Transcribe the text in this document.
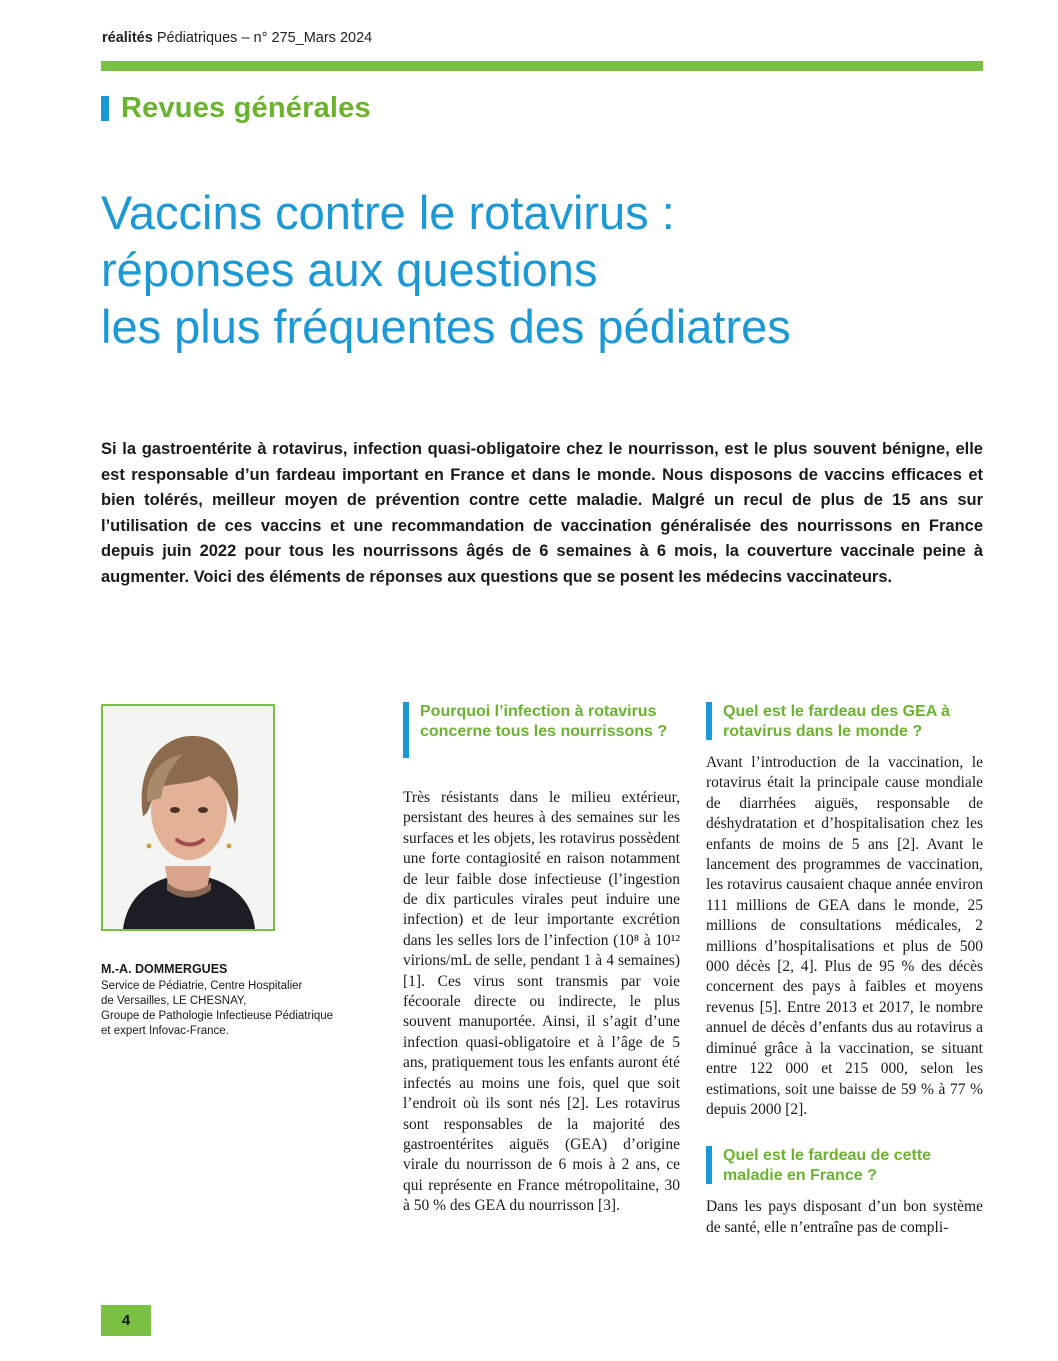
réalités Pédiatriques – n° 275_Mars 2024
Revues générales
Vaccins contre le rotavirus :
réponses aux questions
les plus fréquentes des pédiatres

Si la gastroentérite à rotavirus, infection quasi-obligatoire chez le nourrisson, est le plus souvent bénigne, elle est responsable d’un fardeau important en France et dans le monde. Nous disposons de vaccins efficaces et bien tolérés, meilleur moyen de prévention contre cette maladie. Malgré un recul de plus de 15 ans sur l’utilisation de ces vaccins et une recommandation de vaccination généralisée des nourrissons en France depuis juin 2022 pour tous les nourrissons âgés de 6 semaines à 6 mois, la couverture vaccinale peine à augmenter. Voici des éléments de réponses aux questions que se posent les médecins vaccinateurs.

M.-A. DOMMERGUES
Service de Pédiatrie, Centre Hospitalier
de Versailles, LE CHESNAY,
Groupe de Pathologie Infectieuse Pédiatrique
et expert Infovac-France.
Pourquoi l’infection à rotavirus concerne tous les nourrissons ?

Très résistants dans le milieu extérieur, persistant des heures à des semaines sur les surfaces et les objets, les rotavirus possèdent une forte contagiosité en raison notamment de leur faible dose infectieuse (l’ingestion de dix particules virales peut induire une infection) et de leur importante excrétion dans les selles lors de l’infection (10⁸ à 10¹² virions/mL de selle, pendant 1 à 4 semaines) [1]. Ces virus sont transmis par voie fécoorale directe ou indirecte, le plus souvent manuportée. Ainsi, il s’agit d’une infection quasi-obligatoire et à l’âge de 5 ans, pratiquement tous les enfants auront été infectés au moins une fois, quel que soit l’endroit où ils sont nés [2]. Les rotavirus sont responsables de la majorité des gastroentérites aiguës (GEA) d’origine virale du nourrisson de 6 mois à 2 ans, ce qui représente en France métropolitaine, 30 à 50 % des GEA du nourrisson [3].

Quel est le fardeau des GEA à rotavirus dans le monde ?

Avant l’introduction de la vaccination, le rotavirus était la principale cause mondiale de diarrhées aiguës, responsable de déshydratation et d’hospitalisation chez les enfants de moins de 5 ans [2]. Avant le lancement des programmes de vaccination, les rotavirus causaient chaque année environ 111 millions de GEA dans le monde, 25 millions de consultations médicales, 2 millions d’hospitalisations et plus de 500 000 décès [2, 4]. Plus de 95 % des décès concernent des pays à faibles et moyens revenus [5]. Entre 2013 et 2017, le nombre annuel de décès d’enfants dus au rotavirus a diminué grâce à la vaccination, se situant entre 122 000 et 215 000, selon les estimations, soit une baisse de 59 % à 77 % depuis 2000 [2].

Quel est le fardeau de cette maladie en France ?

Dans les pays disposant d’un bon système de santé, elle n’entraîne pas de compli-

4
